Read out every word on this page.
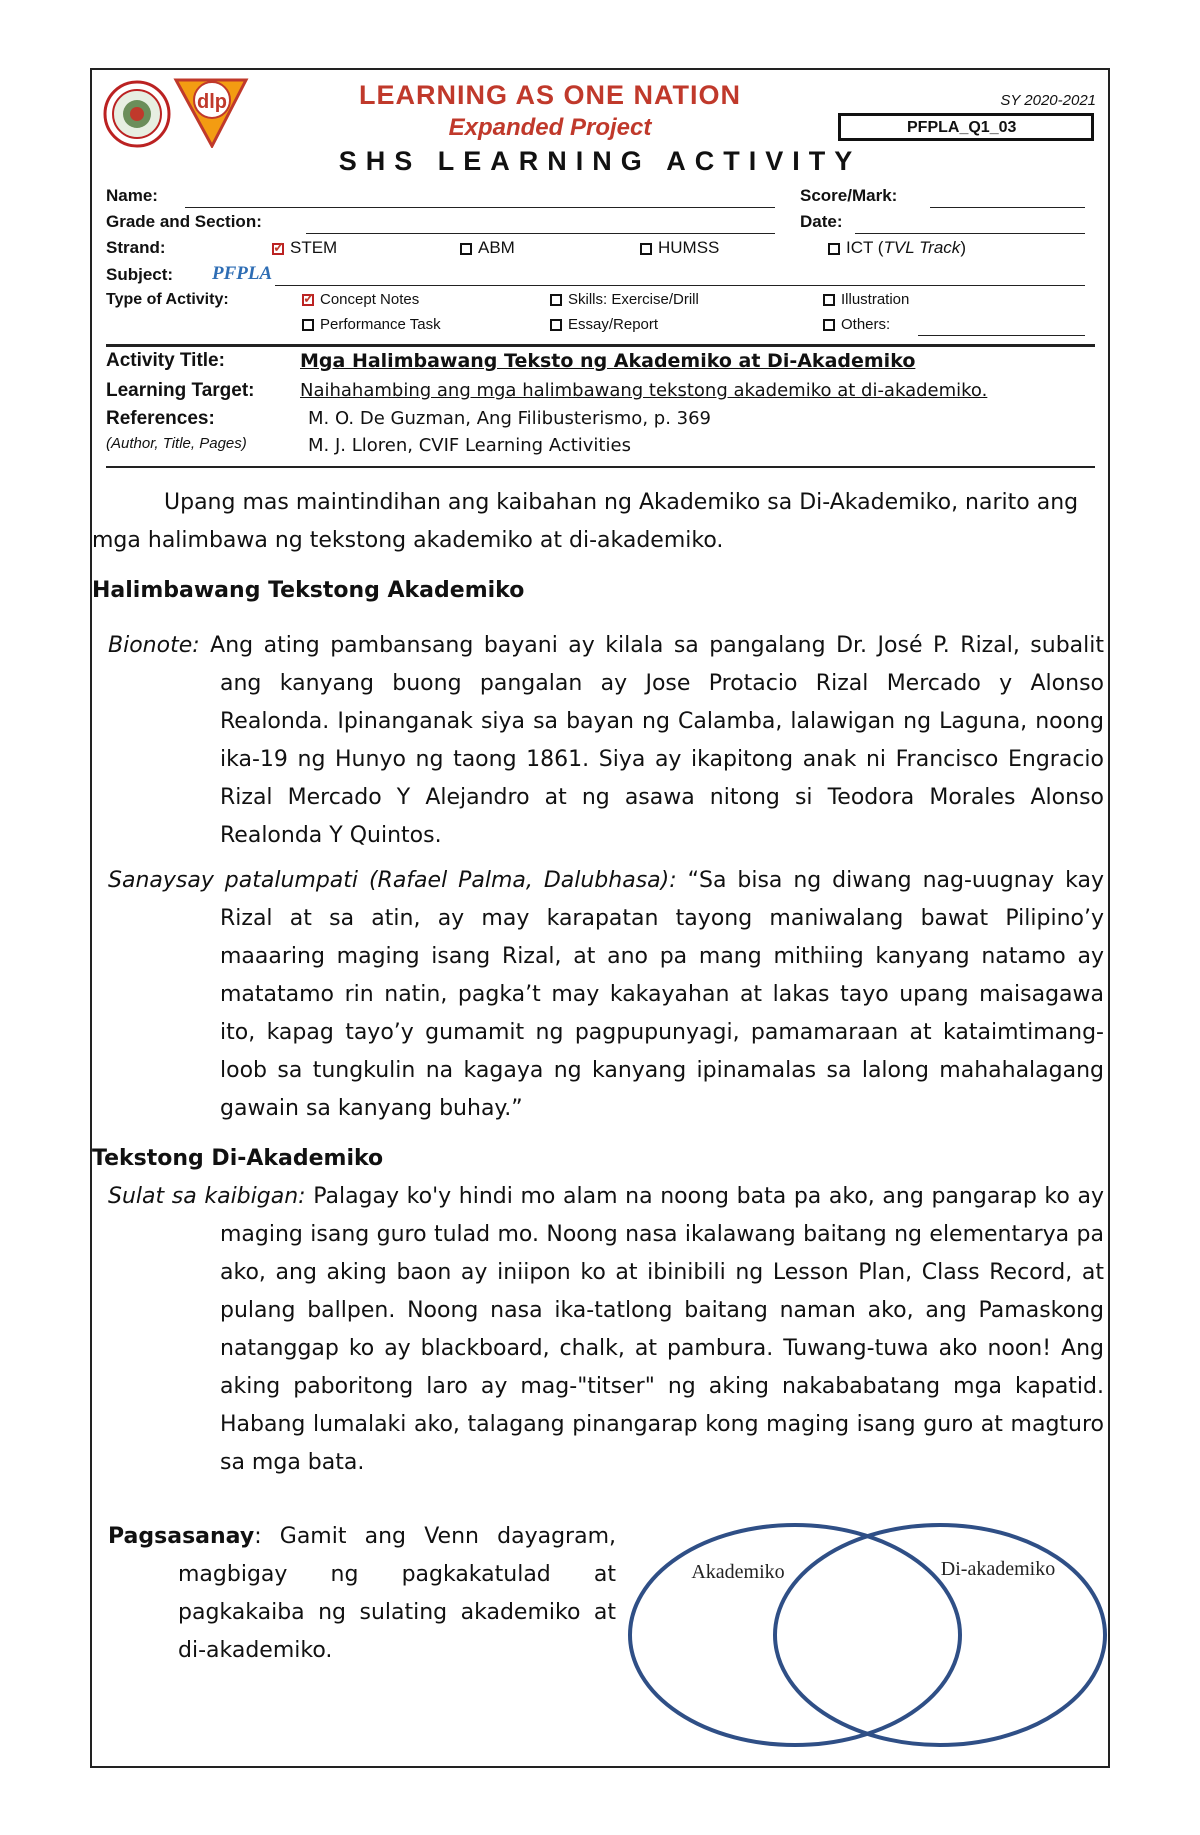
dlp	LEARNING AS ONE NATION
Expanded Project
SY 2020-2021
PFPLA_Q1_03
SHS LEARNING ACTIVITY
Name:	Score/Mark:
Grade and Section:	Date:
Strand: ✓	STEM	ABM	HUMSS	ICT (TVL Track)
Subject: PFPLA
Type of Activity: ✓	Concept Notes	Skills: Exercise/Drill	Illustration
Performance Task	Essay/Report	Others:
Activity Title:	Mga Halimbawang Teksto ng Akademiko at Di-Akademiko
Learning Target:	Naihahambing ang mga halimbawang tekstong akademiko at di-akademiko.
References:
(Author, Title, Pages)
M. O. De Guzman, Ang Filibusterismo, p. 369
M. J. Lloren, CVIF Learning Activities
Upang mas maintindihan ang kaibahan ng Akademiko sa Di-Akademiko, narito ang mga halimbawa ng tekstong akademiko at di-akademiko.
Halimbawang Tekstong Akademiko
Bionote: Ang ating pambansang bayani ay kilala sa pangalang Dr. José P. Rizal, subalit ang kanyang buong pangalan ay Jose Protacio Rizal Mercado y Alonso Realonda. Ipinanganak siya sa bayan ng Calamba, lalawigan ng Laguna, noong ika-19 ng Hunyo ng taong 1861. Siya ay ikapitong anak ni Francisco Engracio Rizal Mercado Y Alejandro at ng asawa nitong si Teodora Morales Alonso Realonda Y Quintos.
Sanaysay patalumpati (Rafael Palma, Dalubhasa): “Sa bisa ng diwang nag-uugnay kay Rizal at sa atin, ay may karapatan tayong maniwalang bawat Pilipino’y maaaring maging isang Rizal, at ano pa mang mithiing kanyang natamo ay matatamo rin natin, pagka’t may kakayahan at lakas tayo upang maisagawa ito, kapag tayo’y gumamit ng pagpupunyagi, pamamaraan at kataimtimang-loob sa tungkulin na kagaya ng kanyang ipinamalas sa lalong mahahalagang gawain sa kanyang buhay.”
Tekstong Di-Akademiko
Sulat sa kaibigan: Palagay ko'y hindi mo alam na noong bata pa ako, ang pangarap ko ay maging isang guro tulad mo. Noong nasa ikalawang baitang ng elementarya pa ako, ang aking baon ay iniipon ko at ibinibili ng Lesson Plan, Class Record, at pulang ballpen. Noong nasa ika-tatlong baitang naman ako, ang Pamaskong natanggap ko ay blackboard, chalk, at pambura. Tuwang-tuwa ako noon! Ang aking paboritong laro ay mag-"titser" ng aking nakababatang mga kapatid. Habang lumalaki ako, talagang pinangarap kong maging isang guro at magturo sa mga bata.
Pagsasanay: Gamit ang Venn dayagram, magbigay ng pagkakatulad at pagkakaiba ng sulating akademiko at di-akademiko.
Akademiko	Di-akademiko
